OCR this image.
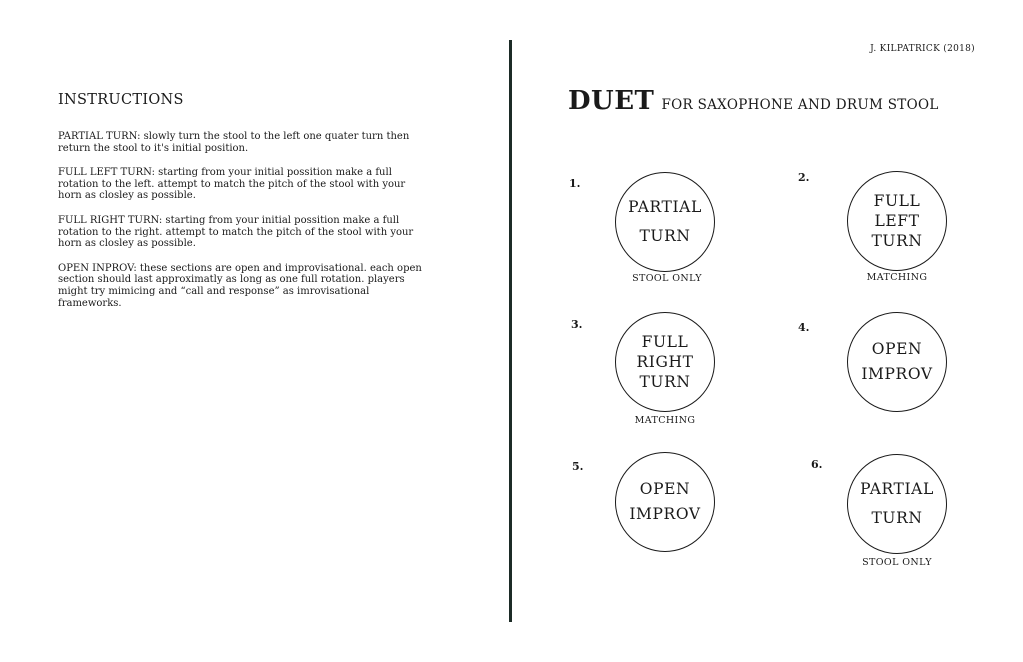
INSTRUCTIONS

PARTIAL TURN: slowly turn the stool to the left one quater turn then return the stool to it's initial position.

FULL LEFT TURN: starting from your initial possition make a full rotation to the left. attempt to match the pitch of the stool with your horn as closley as possible.

FULL RIGHT TURN: starting from your initial possition make a full rotation to the right. attempt to match the pitch of the stool with your horn as closley as possible.

OPEN INPROV: these sections are open and improvisational. each open section should last approximatly as long as one full rotation. players might try mimicing and “call and response” as imrovisational frameworks.

J. KILPATRICK (2018)
DUET FOR SAXOPHONE AND DRUM STOOL
1.
PARTIAL
TURN
STOOL ONLY
2.
FULL
LEFT
TURN
MATCHING
3.
FULL
RIGHT
TURN
MATCHING
4.
OPEN
IMPROV
5.
OPEN
IMPROV
6.
PARTIAL
TURN
STOOL ONLY
